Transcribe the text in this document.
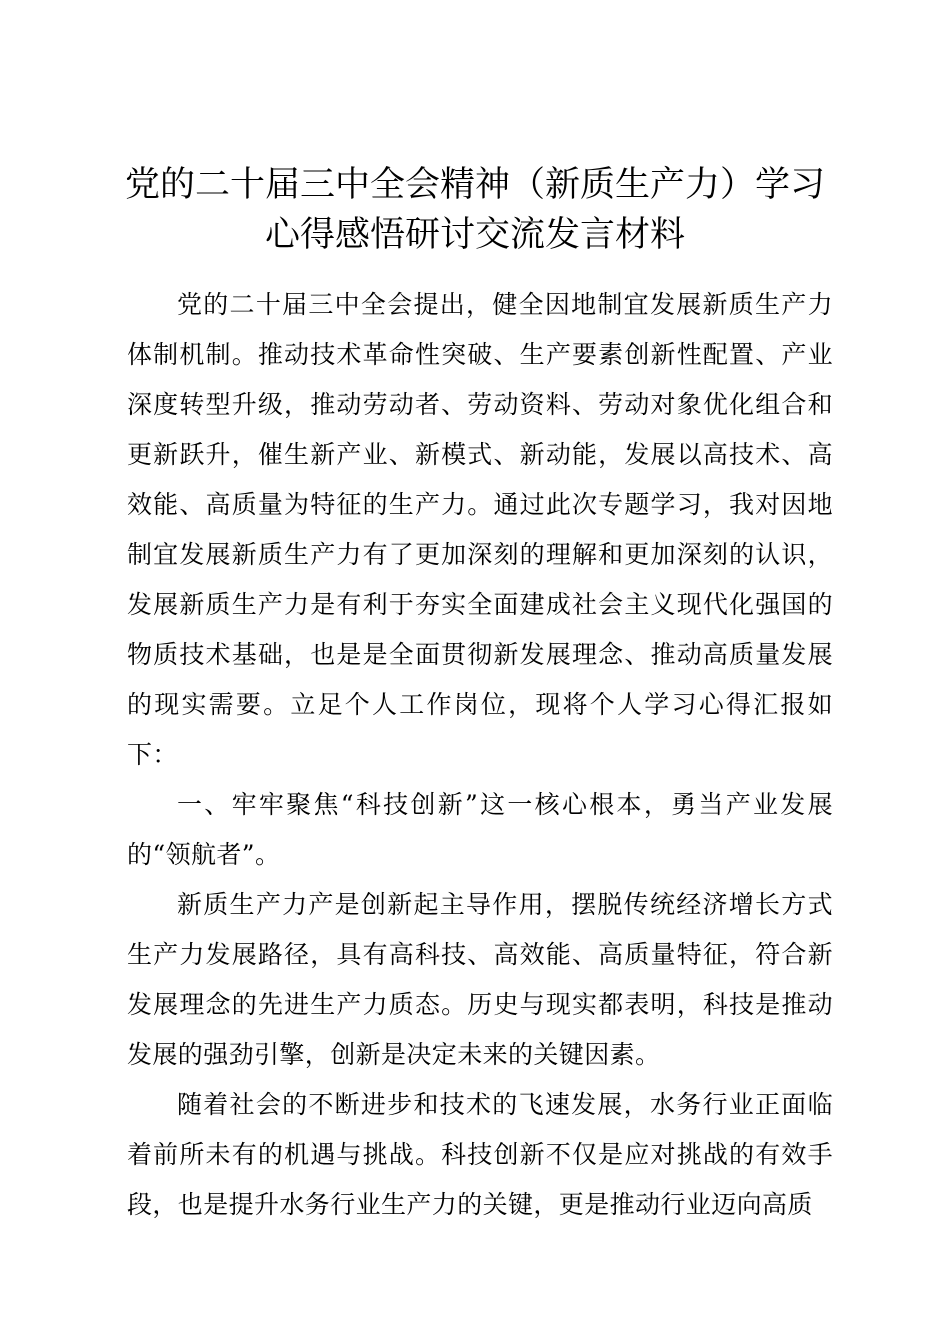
党的二十届三中全会精神（新质生产力）学习
心得感悟研讨交流发言材料

党的二十届三中全会提出，健全因地制宜发展新质生产力体制机制。推动技术革命性突破、生产要素创新性配置、产业深度转型升级，推动劳动者、劳动资料、劳动对象优化组合和更新跃升，催生新产业、新模式、新动能，发展以高技术、高效能、高质量为特征的生产力。通过此次专题学习，我对因地制宜发展新质生产力有了更加深刻的理解和更加深刻的认识，发展新质生产力是有利于夯实全面建成社会主义现代化强国的物质技术基础，也是是全面贯彻新发展理念、推动高质量发展的现实需要。立足个人工作岗位，现将个人学习心得汇报如下：

一、牢牢聚焦“科技创新”这一核心根本，勇当产业发展的“领航者”。

新质生产力产是创新起主导作用，摆脱传统经济增长方式生产力发展路径，具有高科技、高效能、高质量特征，符合新发展理念的先进生产力质态。历史与现实都表明，科技是推动发展的强劲引擎，创新是决定未来的关键因素。

随着社会的不断进步和技术的飞速发展，水务行业正面临着前所未有的机遇与挑战。科技创新不仅是应对挑战的有效手段，也是提升水务行业生产力的关键，更是推动行业迈向高质
